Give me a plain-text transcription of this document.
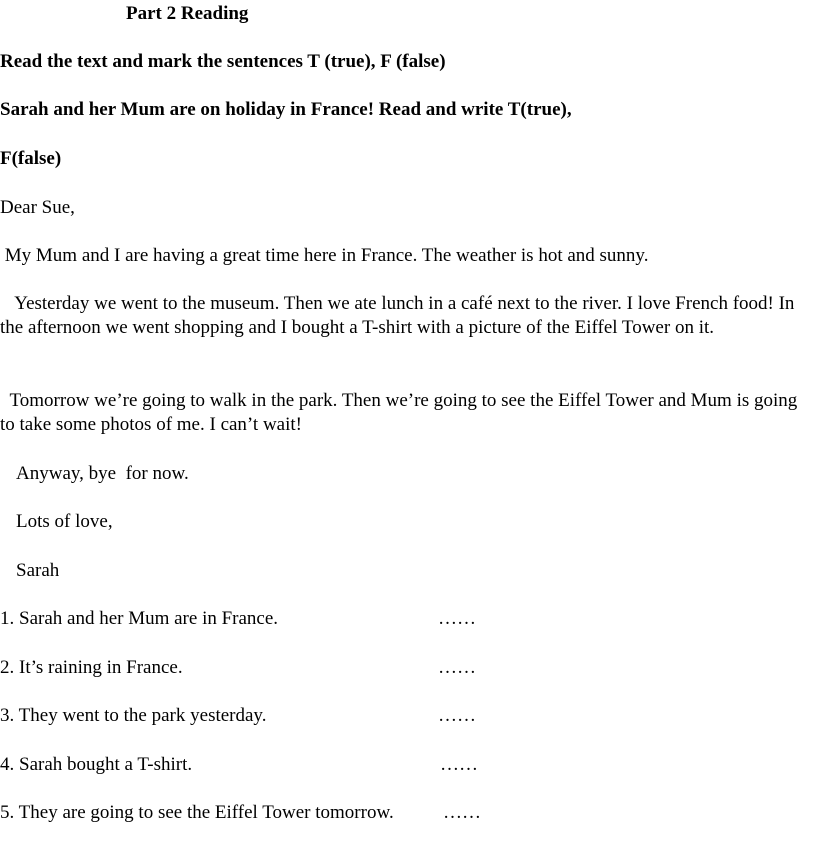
Part 2 Reading
Read the text and mark the sentences T (true), F (false)
Sarah and her Mum are on holiday in France! Read and write T(true),
F(false)
Dear Sue,
My Mum and I are having a great time here in France. The weather is hot and sunny.
Yesterday we went to the museum. Then we ate lunch in a café next to the river. I love French food! In the afternoon we went shopping and I bought a T-shirt with a picture of the Eiffel Tower on it.
Tomorrow we’re going to walk in the park. Then we’re going to see the Eiffel Tower and Mum is going to take some photos of me. I can’t wait!
Anyway, bye  for now.
Lots of love,
Sarah
1. Sarah and her Mum are in France.	……
2. It’s raining in France.	……
3. They went to the park yesterday.	……
4. Sarah bought a T-shirt.	……
5. They are going to see the Eiffel Tower tomorrow.	……
